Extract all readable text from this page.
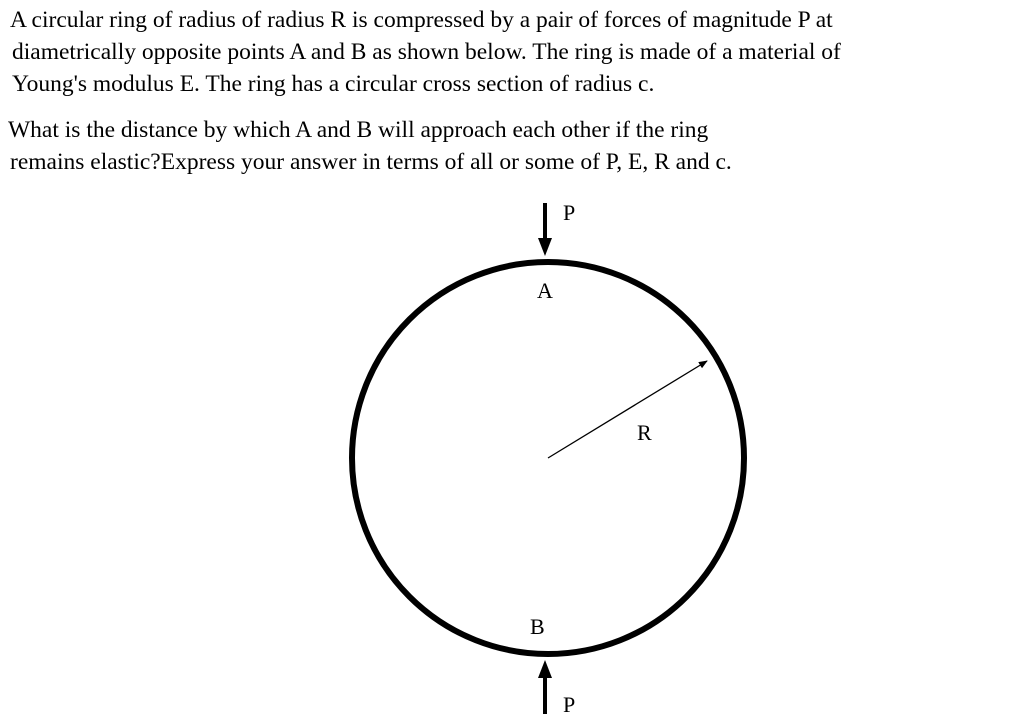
A circular ring of radius of radius R is compressed by a pair of forces of magnitude P at
diametrically opposite points A and B as shown below. The ring is made of a material of
Young's modulus E. The ring has a circular cross section of radius c.

What is the distance by which A and B will approach each other if the ring
remains elastic?Express your answer in terms of all or some of P, E, R and c.

P
A
R
B
P
